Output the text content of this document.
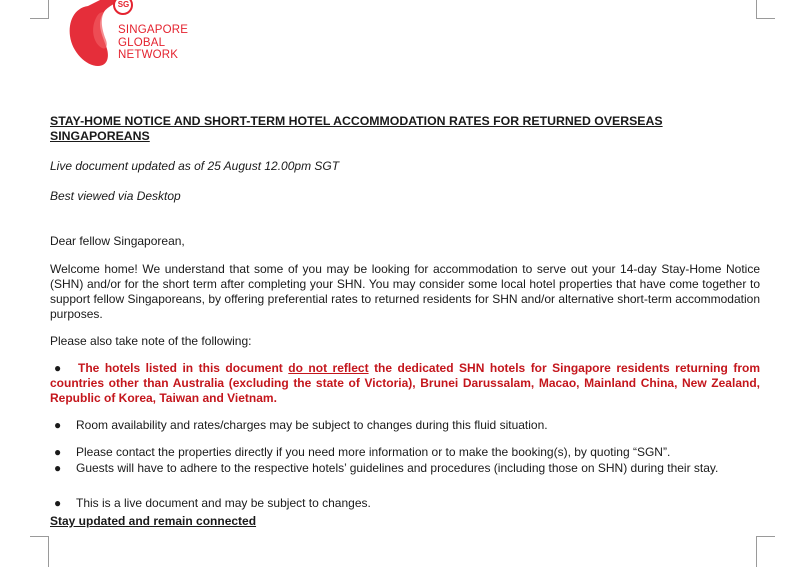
SG
SINGAPORE
GLOBAL
NETWORK
STAY-HOME NOTICE AND SHORT-TERM HOTEL ACCOMMODATION RATES FOR RETURNED OVERSEAS SINGAPOREANS

Live document updated as of 25 August 12.00pm SGT

Best viewed via Desktop

Dear fellow Singaporean,

Welcome home! We understand that some of you may be looking for accommodation to serve out your 14-day Stay-Home Notice (SHN) and/or for the short term after completing your SHN. You may consider some local hotel properties that have come together to support fellow Singaporeans, by offering preferential rates to returned residents for SHN and/or alternative short-term accommodation purposes.

Please also take note of the following:

●	The hotels listed in this document do not reflect the dedicated SHN hotels for Singapore residents returning from countries other than Australia (excluding the state of Victoria), Brunei Darussalam, Macao, Mainland China, New Zealand, Republic of Korea, Taiwan and Vietnam.

● Room availability and rates/charges may be subject to changes during this fluid situation.

● Please contact the properties directly if you need more information or to make the booking(s), by quoting “SGN”.

● Guests will have to adhere to the respective hotels’ guidelines and procedures (including those on SHN) during their stay.

● This is a live document and may be subject to changes.

Stay updated and remain connected
